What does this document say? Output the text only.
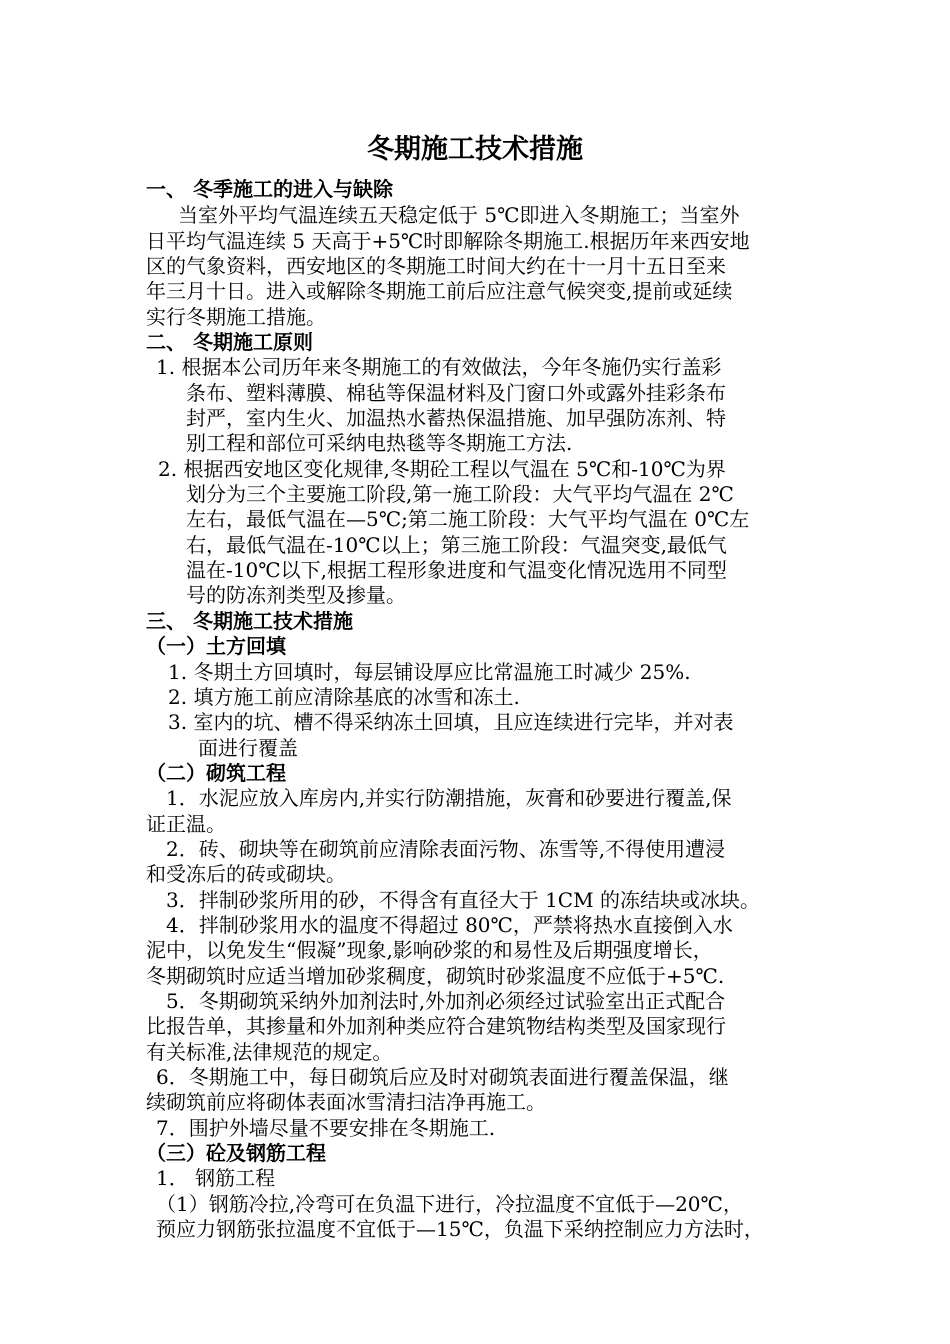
冬期施工技术措施
一、 冬季施工的进入与缺除
当室外平均气温连续五天稳定低于 5℃即进入冬期施工；当室外
日平均气温连续 5 天高于+5℃时即解除冬期施工.根据历年来西安地
区的气象资料，西安地区的冬期施工时间大约在十一月十五日至来
年三月十日。进入或解除冬期施工前后应注意气候突变,提前或延续
实行冬期施工措施。
二、 冬期施工原则
1. 根据本公司历年来冬期施工的有效做法，今年冬施仍实行盖彩
条布、塑料薄膜、棉毡等保温材料及门窗口外或露外挂彩条布
封严，室内生火、加温热水蓄热保温措施、加早强防冻剂、特
别工程和部位可采纳电热毯等冬期施工方法.
2. 根据西安地区变化规律,冬期砼工程以气温在 5℃和-10℃为界
划分为三个主要施工阶段,第一施工阶段：大气平均气温在 2℃
左右，最低气温在—5℃;第二施工阶段：大气平均气温在 0℃左
右，最低气温在-10℃以上；第三施工阶段：气温突变,最低气
温在-10℃以下,根据工程形象进度和气温变化情况选用不同型
号的防冻剂类型及掺量。
三、 冬期施工技术措施
（一）土方回填
1. 冬期土方回填时，每层铺设厚应比常温施工时减少 25%.
2. 填方施工前应清除基底的冰雪和冻土.
3. 室内的坑、槽不得采纳冻土回填，且应连续进行完毕，并对表
面进行覆盖
（二）砌筑工程
1．水泥应放入库房内,并实行防潮措施，灰膏和砂要进行覆盖,保
证正温。
2．砖、砌块等在砌筑前应清除表面污物、冻雪等,不得使用遭浸
和受冻后的砖或砌块。
3．拌制砂浆所用的砂，不得含有直径大于 1CM 的冻结块或冰块。
4．拌制砂浆用水的温度不得超过 80℃，严禁将热水直接倒入水
泥中，以免发生“假凝”现象,影响砂浆的和易性及后期强度增长，
冬期砌筑时应适当增加砂浆稠度，砌筑时砂浆温度不应低于+5℃.
5．冬期砌筑采纳外加剂法时,外加剂必须经过试验室出正式配合
比报告单，其掺量和外加剂种类应符合建筑物结构类型及国家现行
有关标准,法律规范的规定。
6．冬期施工中，每日砌筑后应及时对砌筑表面进行覆盖保温，继
续砌筑前应将砌体表面冰雪清扫洁净再施工。
7．围护外墙尽量不要安排在冬期施工.
（三）砼及钢筋工程
1． 钢筋工程
（1）钢筋冷拉,冷弯可在负温下进行，冷拉温度不宜低于—20℃，
预应力钢筋张拉温度不宜低于—15℃，负温下采纳控制应力方法时，
